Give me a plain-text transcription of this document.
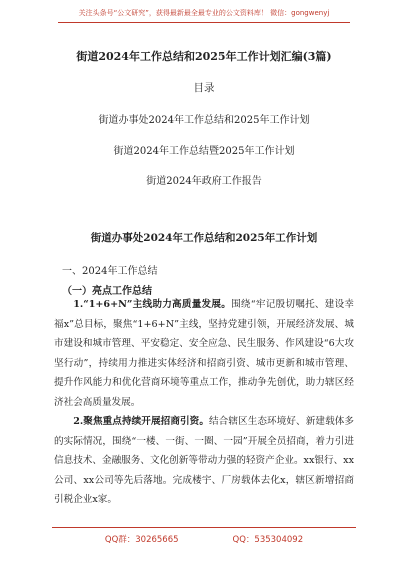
关注头条号“公文研究”，获得最新最全最专业的公文资料库！ 微信：gongwenyj
街道2024年工作总结和2025年工作计划汇编(3篇)
目录
街道办事处2024年工作总结和2025年工作计划
街道2024年工作总结暨2025年工作计划
街道2024年政府工作报告
街道办事处2024年工作总结和2025年工作计划
一、2024年工作总结
（一）亮点工作总结

1.“1+6+N”主线助力高质量发展。围绕“牢记殷切嘱托、建设幸福x”总目标，聚焦“1+6+N”主线，坚持党建引领，开展经济发展、城市建设和城市管理、平安稳定、安全应急、民生服务、作风建设“6大攻坚行动”，持续用力推进实体经济和招商引资、城市更新和城市管理、提升作风能力和优化营商环境等重点工作，推动争先创优，助力辖区经济社会高质量发展。

2.聚焦重点持续开展招商引资。结合辖区生态环境好、新建载体多的实际情况，围绕“一楼、一街、一圈、一园”开展全员招商，着力引进信息技术、金融服务、文化创新等带动力强的轻资产企业。xx银行、xx公司、xx公司等先后落地。完成楼宇、厂房载体去化x，辖区新增招商引税企业x家。

QQ群：30265665	QQ：535304092
